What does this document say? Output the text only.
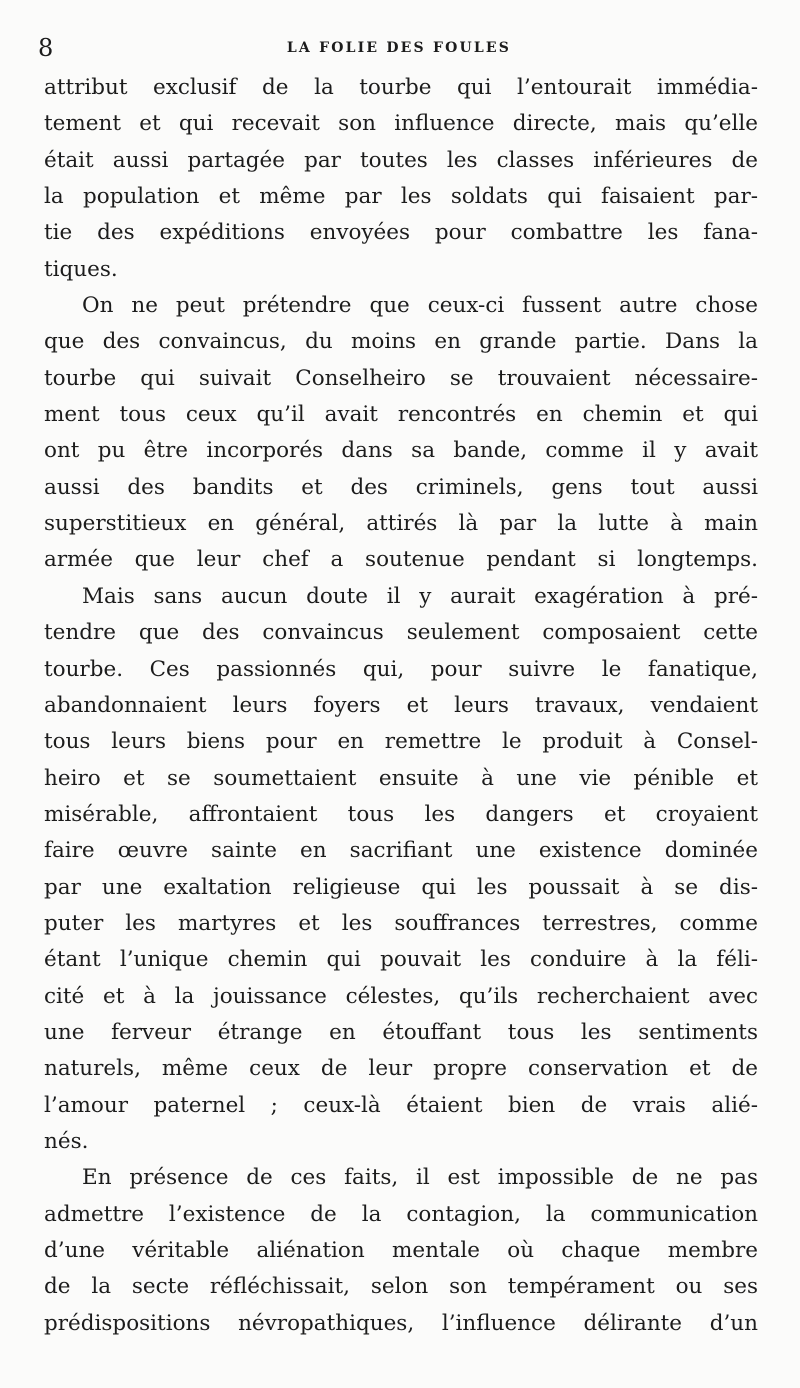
8	LA FOLIE DES FOULES
attribut exclusif de la tourbe qui l’entourait immédia-
tement et qui recevait son influence directe, mais qu’elle
était aussi partagée par toutes les classes inférieures de
la population et même par les soldats qui faisaient par-
tie des expéditions envoyées pour combattre les fana-
tiques.
On ne peut prétendre que ceux-ci fussent autre chose
que des convaincus, du moins en grande partie. Dans la
tourbe qui suivait Conselheiro se trouvaient nécessaire-
ment tous ceux qu’il avait rencontrés en chemin et qui
ont pu être incorporés dans sa bande, comme il y avait
aussi des bandits et des criminels, gens tout aussi
superstitieux en général, attirés là par la lutte à main
armée que leur chef a soutenue pendant si longtemps.
Mais sans aucun doute il y aurait exagération à pré-
tendre que des convaincus seulement composaient cette
tourbe. Ces passionnés qui, pour suivre le fanatique,
abandonnaient leurs foyers et leurs travaux, vendaient
tous leurs biens pour en remettre le produit à Consel-
heiro et se soumettaient ensuite à une vie pénible et
misérable, affrontaient tous les dangers et croyaient
faire œuvre sainte en sacrifiant une existence dominée
par une exaltation religieuse qui les poussait à se dis-
puter les martyres et les souffrances terrestres, comme
étant l’unique chemin qui pouvait les conduire à la féli-
cité et à la jouissance célestes, qu’ils recherchaient avec
une ferveur étrange en étouffant tous les sentiments
naturels, même ceux de leur propre conservation et de
l’amour paternel ; ceux-là étaient bien de vrais alié-
nés.
En présence de ces faits, il est impossible de ne pas
admettre l’existence de la contagion, la communication
d’une véritable aliénation mentale où chaque membre
de la secte réfléchissait, selon son tempérament ou ses
prédispositions névropathiques, l’influence délirante d’un
